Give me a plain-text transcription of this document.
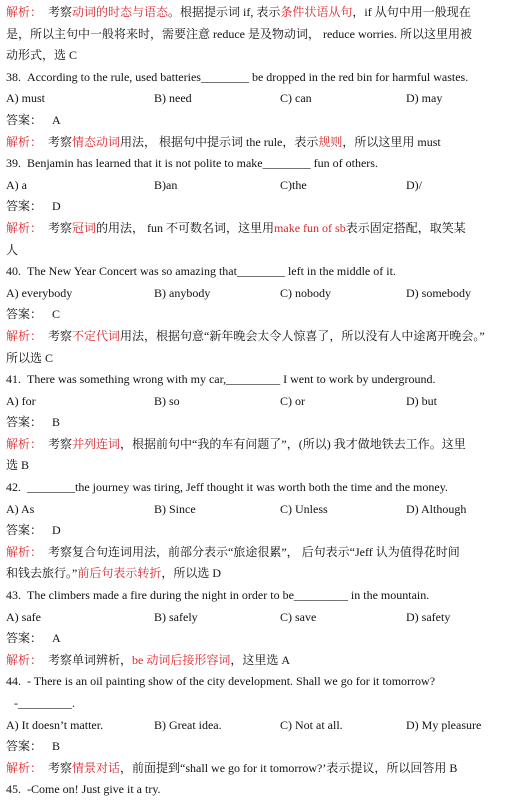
解析： 考察动词的时态与语态。根据提示词 if, 表示条件状语从句，if 从句中用一般现在
是，所以主句中一般将来时，需要注意 reduce 是及物动词， reduce worries. 所以这里用被
动形式，选 C
38. According to the rule, used batteries________ be dropped in the red bin for harmful wastes.
A) must	B) need	C) can	D) may
答案： A
解析： 考察情态动词用法， 根据句中提示词 the rule，表示规则，所以这里用 must
39. Benjamin has learned that it is not polite to make________ fun of others.
A) a	B)an	C)the	D)/
答案： D
解析： 考察冠词的用法， fun 不可数名词，这里用make fun of sb表示固定搭配，取笑某
人
40. The New Year Concert was so amazing that________ left in the middle of it.
A) everybody	B) anybody	C) nobody	D) somebody
答案： C
解析： 考察不定代词用法，根据句意“新年晚会太令人惊喜了，所以没有人中途离开晚会。”
所以选 C
41. There was something wrong with my car,_________ I went to work by underground.
A) for	B) so	C) or	D) but
答案： B
解析： 考察并列连词，根据前句中“我的车有问题了”，(所以) 我才做地铁去工作。这里
选 B
42. ________the journey was tiring, Jeff thought it was worth both the time and the money.
A) As	B) Since	C) Unless	D) Although
答案： D
解析： 考察复合句连词用法，前部分表示“旅途很累”， 后句表示“Jeff 认为值得花时间
和钱去旅行。”前后句表示转折，所以选 D
43. The climbers made a fire during the night in order to be_________ in the mountain.
A) safe	B) safely	C) save	D) safety
答案： A
解析： 考察单词辨析，be 动词后接形容词，这里选 A
44. - There is an oil painting show of the city development. Shall we go for it tomorrow?
-_________.
A) It doesn’t matter.	B) Great idea.	C) Not at all.	D) My pleasure
答案： B
解析： 考察情景对话，前面提到“shall we go for it tomorrow?’表示提议，所以回答用 B
45. -Come on! Just give it a try.
